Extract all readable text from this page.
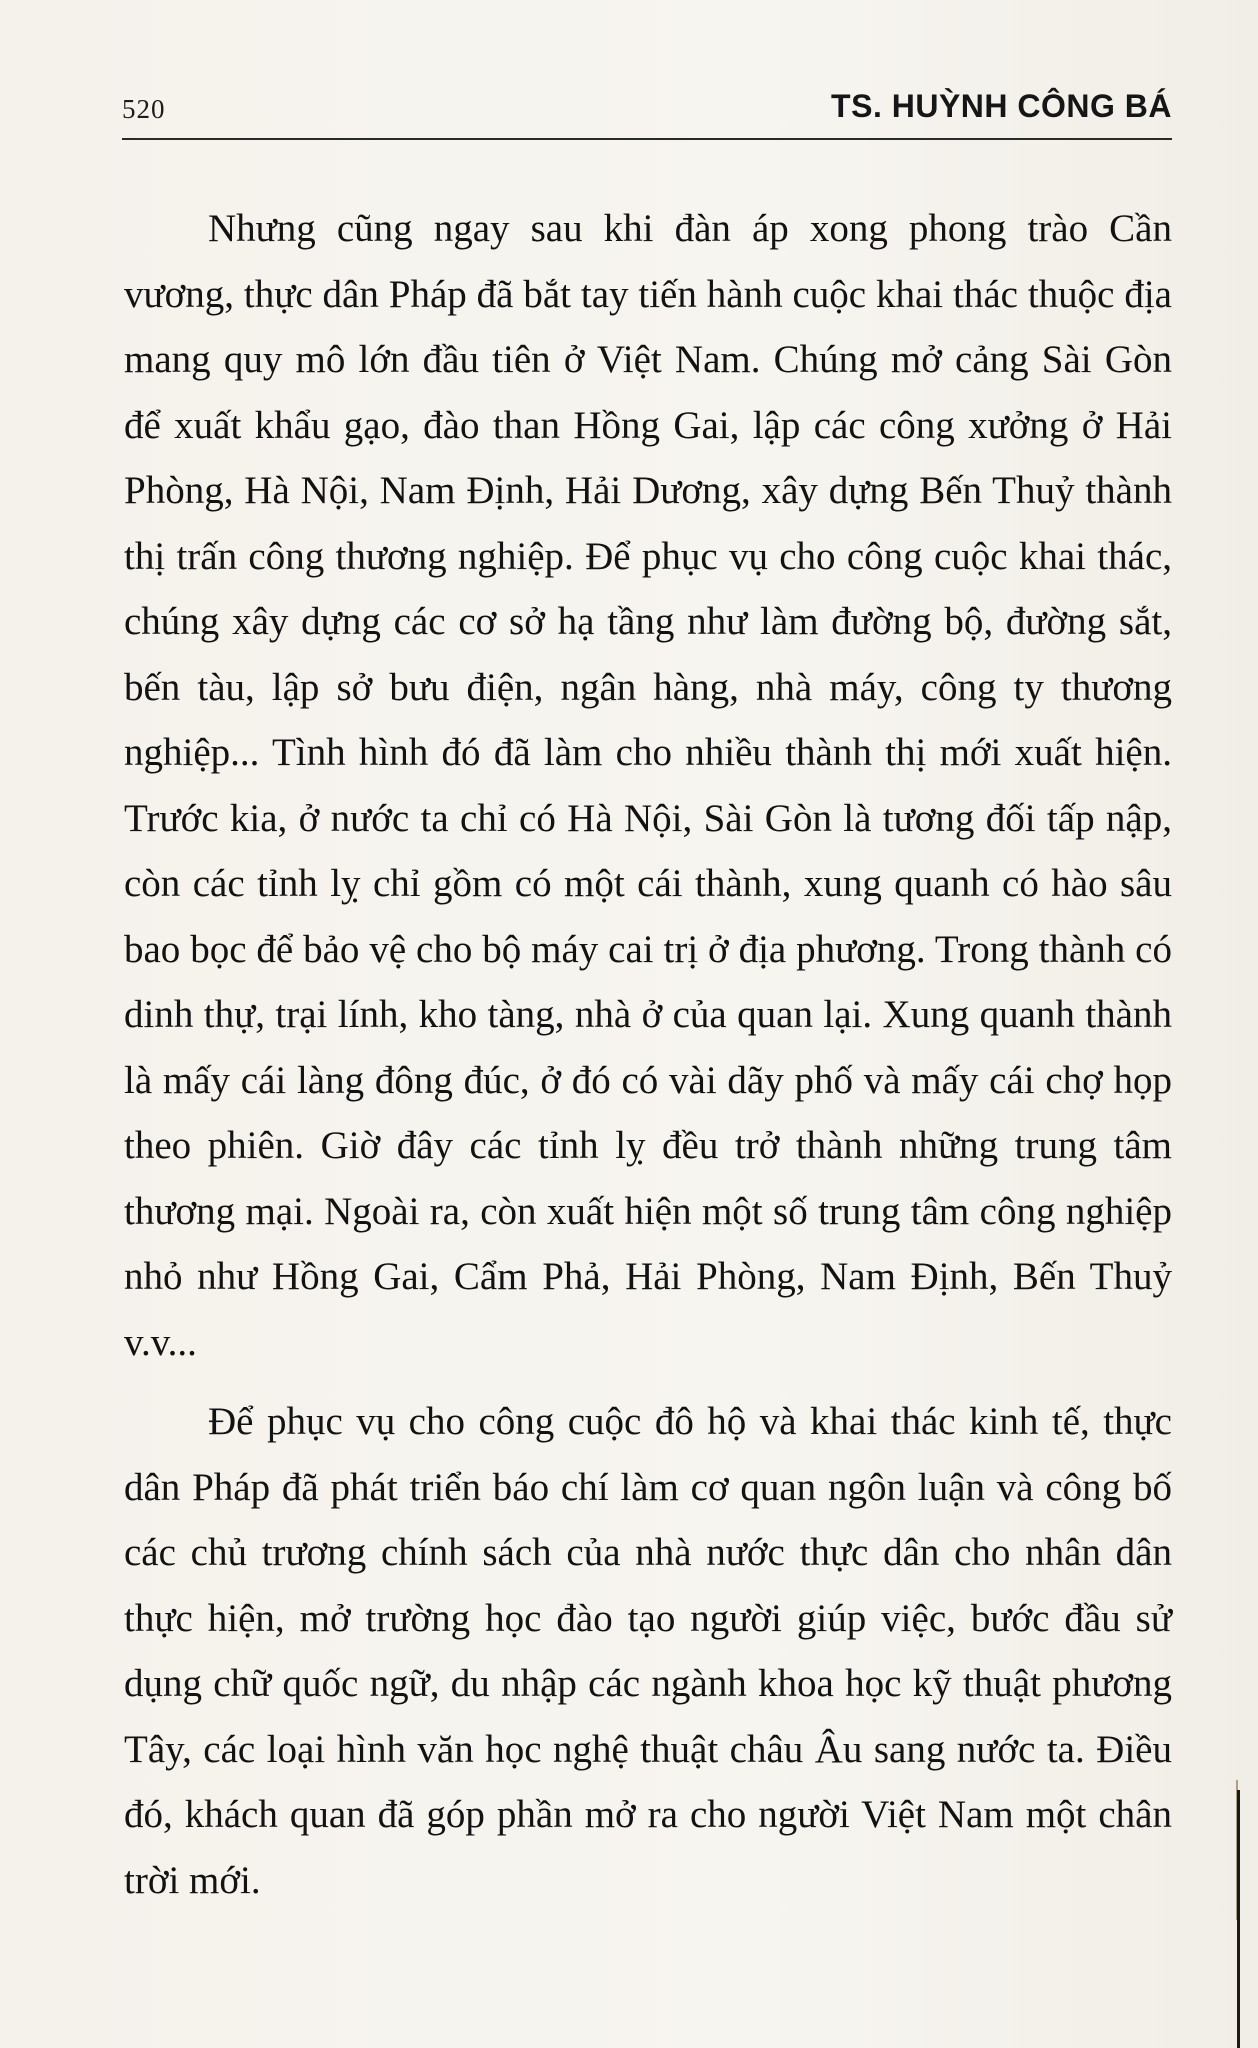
520	TS. HUỲNH CÔNG BÁ

Nhưng cũng ngay sau khi đàn áp xong phong trào Cần vương, thực dân Pháp đã bắt tay tiến hành cuộc khai thác thuộc địa mang quy mô lớn đầu tiên ở Việt Nam. Chúng mở cảng Sài Gòn để xuất khẩu gạo, đào than Hồng Gai, lập các công xưởng ở Hải Phòng, Hà Nội, Nam Định, Hải Dương, xây dựng Bến Thuỷ thành thị trấn công thương nghiệp. Để phục vụ cho công cuộc khai thác, chúng xây dựng các cơ sở hạ tầng như làm đường bộ, đường sắt, bến tàu, lập sở bưu điện, ngân hàng, nhà máy, công ty thương nghiệp... Tình hình đó đã làm cho nhiều thành thị mới xuất hiện. Trước kia, ở nước ta chỉ có Hà Nội, Sài Gòn là tương đối tấp nập, còn các tỉnh lỵ chỉ gồm có một cái thành, xung quanh có hào sâu bao bọc để bảo vệ cho bộ máy cai trị ở địa phương. Trong thành có dinh thự, trại lính, kho tàng, nhà ở của quan lại. Xung quanh thành là mấy cái làng đông đúc, ở đó có vài dãy phố và mấy cái chợ họp theo phiên. Giờ đây các tỉnh lỵ đều trở thành những trung tâm thương mại. Ngoài ra, còn xuất hiện một số trung tâm công nghiệp nhỏ như Hồng Gai, Cẩm Phả, Hải Phòng, Nam Định, Bến Thuỷ v.v...

Để phục vụ cho công cuộc đô hộ và khai thác kinh tế, thực dân Pháp đã phát triển báo chí làm cơ quan ngôn luận và công bố các chủ trương chính sách của nhà nước thực dân cho nhân dân thực hiện, mở trường học đào tạo người giúp việc, bước đầu sử dụng chữ quốc ngữ, du nhập các ngành khoa học kỹ thuật phương Tây, các loại hình văn học nghệ thuật châu Âu sang nước ta. Điều đó, khách quan đã góp phần mở ra cho người Việt Nam một chân trời mới.
